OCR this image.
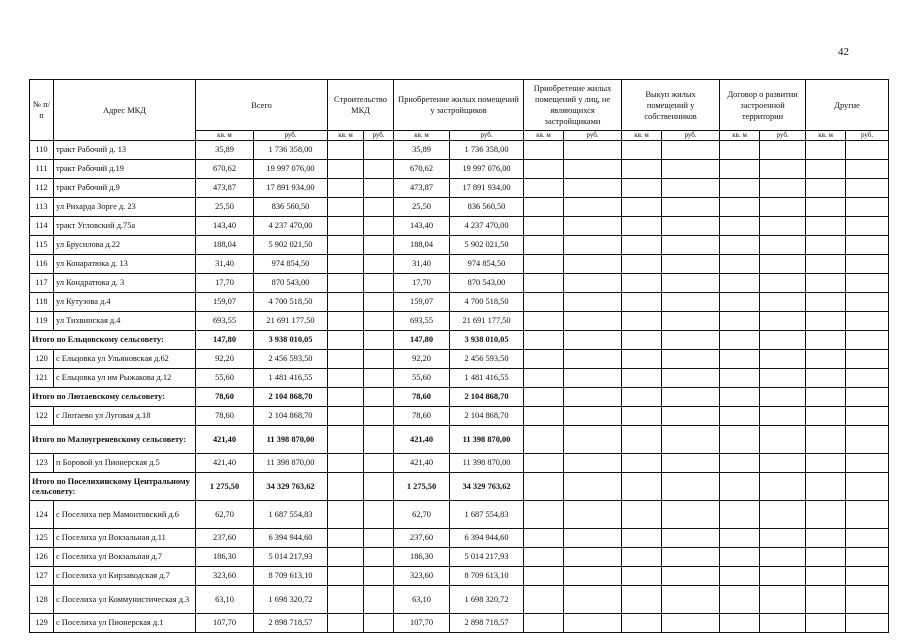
42
№ п/п	Адрес МКД	Всего		Строительство МКД		Приобретение жилых помещений у застройщиков		Приобретение жилых помещений у лиц, не являющихся застройщиками		Выкуп жилых помещений у собственников		Договор о развитии застроенной территории		Другие	
		кв. м	руб.	кв. м	руб.	кв. м	руб.	кв. м	руб.	кв. м	руб.	кв. м	руб.	кв. м	руб.
110	тракт Рабочий д. 13	35,89	1 736 358,00			35,89	1 736 358,00								
111	тракт Рабочий д.19	670,62	19 997 076,00			670,62	19 997 076,00								
112	тракт Рабочий д.9	473,87	17 891 934,00			473,87	17 891 934,00								
113	ул Рихарда Зорге д. 23	25,50	836 560,50			25,50	836 560,50								
114	тракт Угловский д.75а	143,40	4 237 470,00			143,40	4 237 470,00								
115	ул Брусилова д.22	188,04	5 902 021,50			188,04	5 902 021,50								
116	ул Конаратюка д. 13	31,40	974 854,50			31,40	974 854,50								
117	ул Кондратюка д. 3	17,70	870 543,00			17,70	870 543,00								
118	ул Кутузова д.4	159,07	4 700 518,50			159,07	4 700 518,50								
119	ул Тихвинская д.4	693,55	21 691 177,50			693,55	21 691 177,50								
Итого по Ельцовскому сельсовету:		147,80	3 938 010,05			147,80	3 938 010,05								
120	с Ельцовка ул Ульяновская д.62	92,20	2 456 593,50			92,20	2 456 593,50								
121	с Ельцовка ул им Рыжакова д.12	55,60	1 481 416,55			55,60	1 481 416,55								
Итого по Лютаевскому сельсовету:		78,60	2 104 868,70			78,60	2 104 868,70								
122	с Лютаево ул Луговая д.18	78,60	2 104 868,70			78,60	2 104 868,70								
Итого по Малоугреневскому сельсовету:		421,40	11 398 870,00			421,40	11 398 870,00								
123	п Боровой ул Пионерская д.5	421,40	11 398 870,00			421,40	11 398 870,00								
Итого по Поселихинскому Центральному сельсовету:		1 275,50	34 329 763,62			1 275,50	34 329 763,62								
124	с Поселиха пер Мамонтовский д.6	62,70	1 687 554,83			62,70	1 687 554,83								
125	с Поселиха ул Вокзальная д.11	237,60	6 394 944,60			237,60	6 394 944,60								
126	с Поселиха ул Вокзальная д.7	186,30	5 014 217,93			186,30	5 014 217,93								
127	с Поселиха ул Кирзаводская д.7	323,60	8 709 613,10			323,60	8 709 613,10								
128	с Поселиха ул Коммунистическая д.3	63,10	1 698 320,72			63,10	1 698 320,72								
129	с Поселиха ул Пионерская д.1	107,70	2 898 718,57			107,70	2 898 718,57								
